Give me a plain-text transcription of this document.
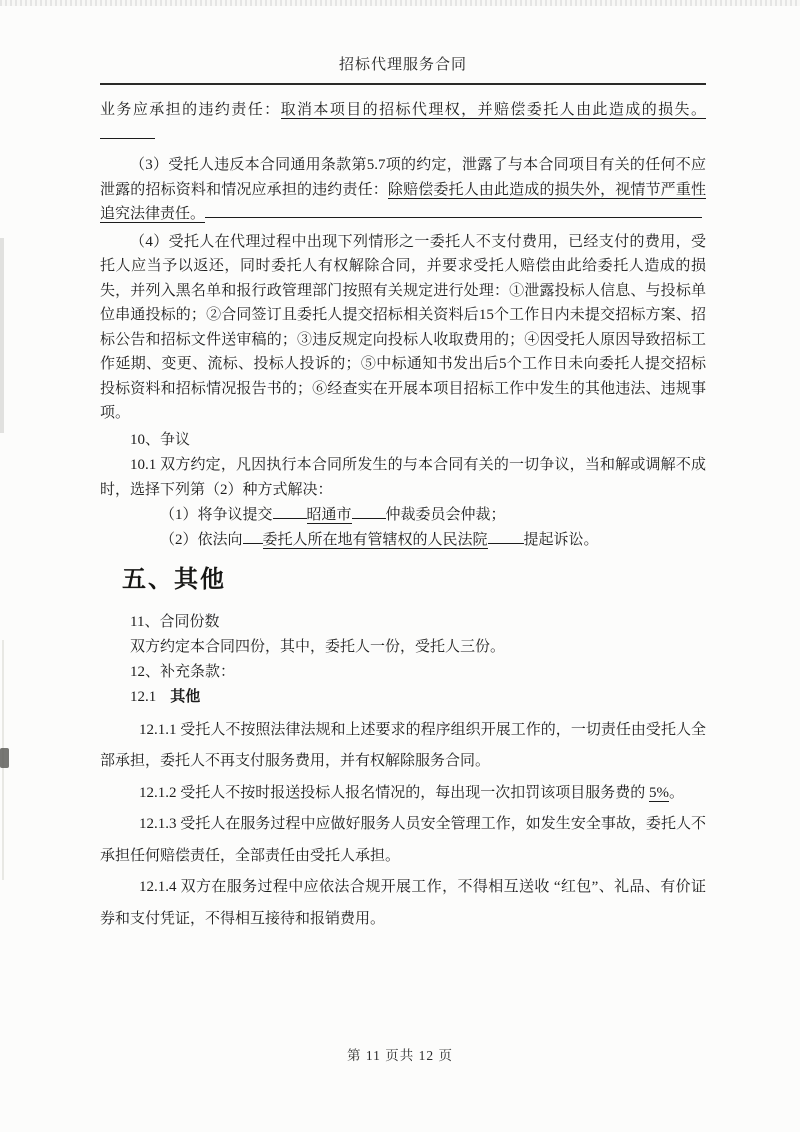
招标代理服务合同

业务应承担的违约责任：取消本项目的招标代理权，并赔偿委托人由此造成的损失。

（3）受托人违反本合同通用条款第5.7项的约定，泄露了与本合同项目有关的任何不应泄露的招标资料和情况应承担的违约责任：除赔偿委托人由此造成的损失外，视情节严重性追究法律责任。

（4）受托人在代理过程中出现下列情形之一委托人不支付费用，已经支付的费用，受托人应当予以返还，同时委托人有权解除合同，并要求受托人赔偿由此给委托人造成的损失，并列入黑名单和报行政管理部门按照有关规定进行处理：①泄露投标人信息、与投标单位串通投标的；②合同签订且委托人提交招标相关资料后15个工作日内未提交招标方案、招标公告和招标文件送审稿的；③违反规定向投标人收取费用的；④因受托人原因导致招标工作延期、变更、流标、投标人投诉的；⑤中标通知书发出后5个工作日未向委托人提交招标投标资料和招标情况报告书的；⑥经查实在开展本项目招标工作中发生的其他违法、违规事项。

10、争议

10.1 双方约定，凡因执行本合同所发生的与本合同有关的一切争议，当和解或调解不成时，选择下列第（2）种方式解决：

（1）将争议提交 昭通市 仲裁委员会仲裁；

（2）依法向 委托人所在地有管辖权的人民法院 提起诉讼。

五、其他

11、合同份数

双方约定本合同四份，其中，委托人一份，受托人三份。

12、补充条款：

12.1 其他

12.1.1 受托人不按照法律法规和上述要求的程序组织开展工作的，一切责任由受托人全部承担，委托人不再支付服务费用，并有权解除服务合同。

12.1.2 受托人不按时报送投标人报名情况的，每出现一次扣罚该项目服务费的 5%。

12.1.3 受托人在服务过程中应做好服务人员安全管理工作，如发生安全事故，委托人不承担任何赔偿责任，全部责任由受托人承担。

12.1.4 双方在服务过程中应依法合规开展工作，不得相互送收 “红包”、礼品、有价证券和支付凭证，不得相互接待和报销费用。

第 11 页共 12 页
